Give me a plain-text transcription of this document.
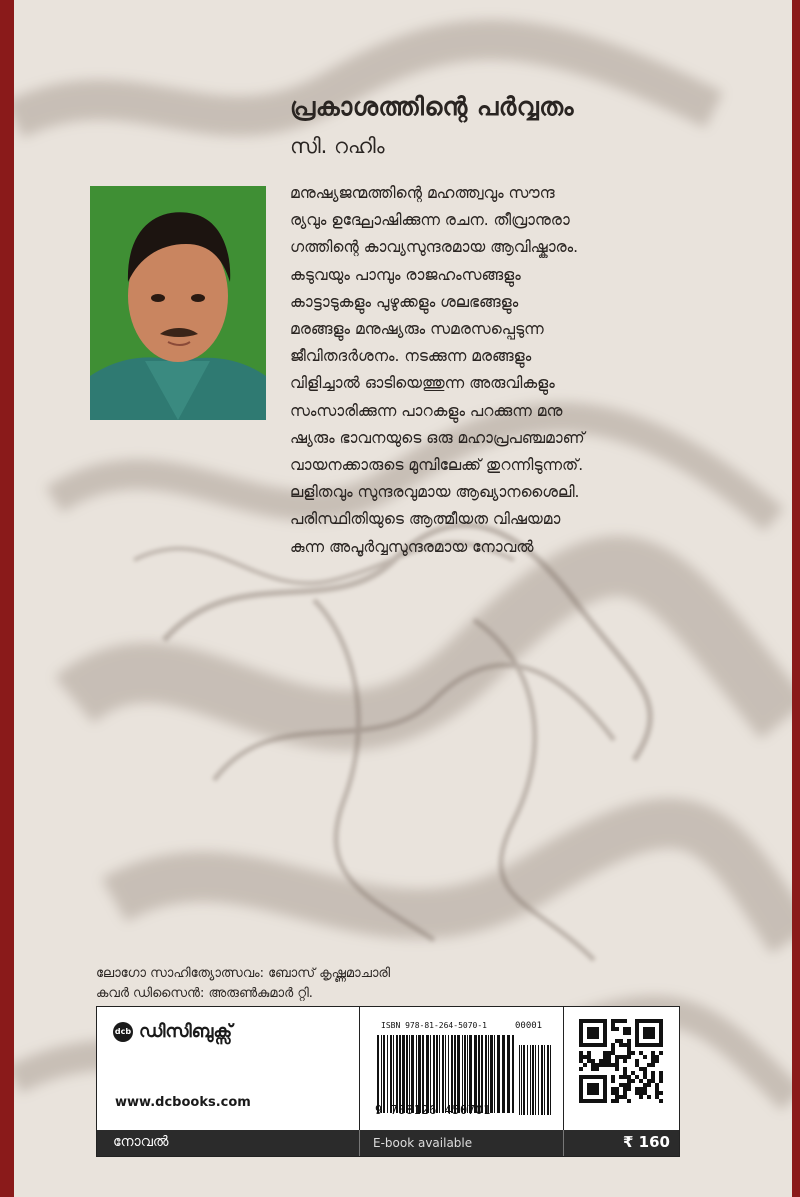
പ്രകാശത്തിന്റെ പർവ്വതം
സി. റഹിം
മനുഷ്യജന്മത്തിന്റെ മഹത്ത്വവും സൗന്ദ
ര്യവും ഉദ്ഘോഷിക്കുന്ന രചന. തീവ്രാനുരാ
ഗത്തിന്റെ കാവ്യസുന്ദരമായ ആവിഷ്കാരം.
കടുവയും പാമ്പും രാജഹംസങ്ങളും
കാട്ടാടുകളും പുഴുക്കളും ശലഭങ്ങളും
മരങ്ങളും മനുഷ്യരും സമരസപ്പെടുന്ന
ജീവിതദർശനം. നടക്കുന്ന മരങ്ങളും
വിളിച്ചാൽ ഓടിയെത്തുന്ന അരുവികളും
സംസാരിക്കുന്ന പാറകളും പറക്കുന്ന മനു
ഷ്യരും ഭാവനയുടെ ഒരു മഹാപ്രപഞ്ചമാണ്
വായനക്കാരുടെ മുമ്പിലേക്ക് തുറന്നിടുന്നത്.
ലളിതവും സുന്ദരവുമായ ആഖ്യാനശൈലി.
പരിസ്ഥിതിയുടെ ആത്മീയത വിഷയമാ
കുന്ന അപൂർവ്വസുന്ദരമായ നോവൽ
ലോഗോ സാഹിത്യോത്സവം: ബോസ് കൃഷ്ണമാചാരി
കവർ ഡിസൈൻ: അരുൺകുമാർ റ്റി.
dcb ഡിസിബുക്സ്
www.dcbooks.com
ISBN 978-81-264-5070-1	00001
9 788126 450701
നോവൽ	E-book available	₹ 160
